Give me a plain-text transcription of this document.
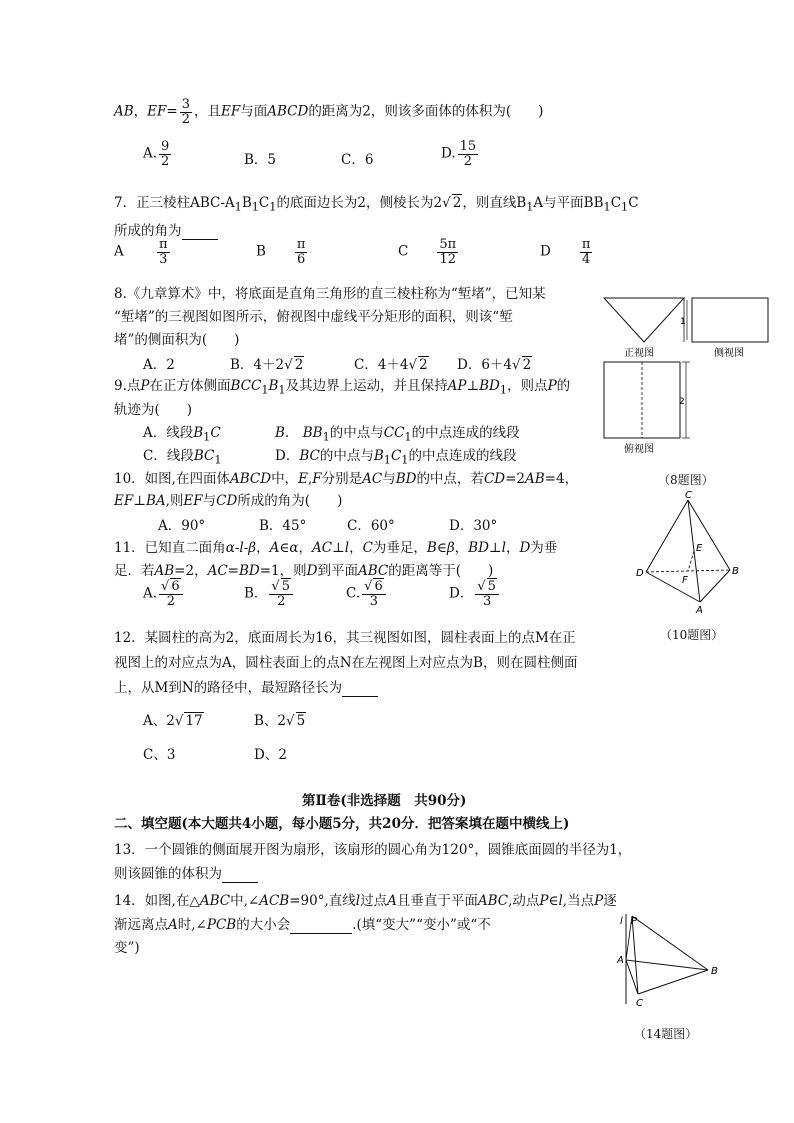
AB，$EF= \frac{3}{2}$ ，且EF与面ABCD的距离为2，则该多面体的体积为(　　)
A. $\frac{9}{2}$	B．5	C．6	D. $\frac{15}{2}$
7．正三棱柱ABC-$A_1B_1C_1$的底面边长为2，侧棱长为2√ 2，则直线$B_1A$与平面$BB_1C_1C$
所成的角为
A　　 $\frac{\pi}{3}$	B　　 $\frac{\pi}{6}$	C　　 $\frac{5\pi}{12}$	D　　 $\frac{\pi}{4}$
8.《九章算术》中，将底面是直角三角形的直三棱柱称为“堑堵”，已知某
“堑堵”的三视图如图所示，俯视图中虚线平分矩形的面积，则该“堑
堵”的侧面积为(　　)
A．2	B．4＋2√ 2	C．4＋4√ 2 D．6＋4√ 2
1
正视图	侧视图
2
俯视图
（8题图）
9.点P在正方体侧面$BCC_1B_1$及其边界上运动，并且保持$AP\perp BD_1$，则点P的
轨迹为(　　)
A．线段$B_1C$	B.　$BB_1$的中点与$CC_1$的中点连成的线段
C．线段$BC_1$	D．BC的中点与$B_1C_1$的中点连成的线段
10．如图,在四面体ABCD中，E,F分别是AC与BD的中点，若CD=2AB=4，
EF⊥BA,则EF与CD所成的角为(　　)
A．90°	B．45°	C．60°	D．30°
C
E
D
F
B
A
（10题图）
11．已知直二面角α-l-β，A∈α，AC⊥l，C为垂足，B∈β，BD⊥l，D为垂
足．若AB=2，AC=BD=1，则D到平面ABC的距离等于(　　)
A. $\frac{√ 6}{2}$	B． $\frac{√ 5}{2}$	C. $\frac{√ 6}{3}$	D． $\frac{√ 5}{3}$
12．某圆柱的高为2，底面周长为16，其三视图如图，圆柱表面上的点M在正
视图上的对应点为A，圆柱表面上的点N在左视图上对应点为B，则在圆柱侧面
上，从M到N的路径中，最短路径长为
A、2√ 17	B、2√ 5
C、3	D、2
第Ⅱ卷(非选择题　共90分)
二、填空题(本大题共4小题，每小题5分，共20分．把答案填在题中横线上)
13．一个圆锥的侧面展开图为扇形，该扇形的圆心角为120°，圆锥底面圆的半径为1，
则该圆锥的体积为
14．如图,在△ABC中,∠ACB=90°,直线l过点A且垂直于平面ABC,动点P∈l,当点P逐
渐远离点A时,∠PCB的大小会	.(填“变大”“变小”或“不
变”)
l P
A
B
C
（14题图）
